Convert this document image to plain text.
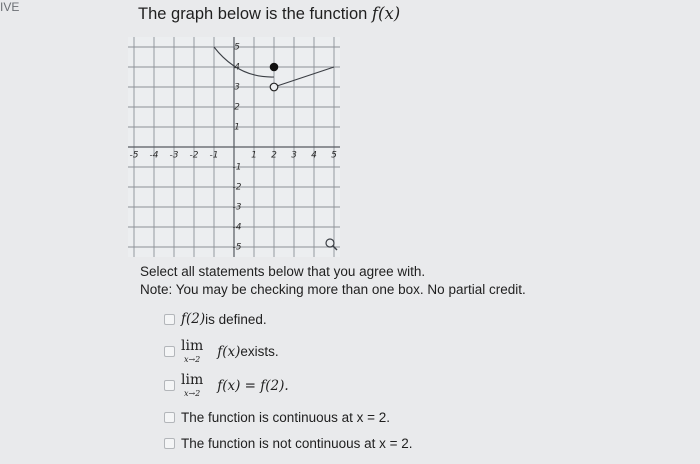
IVE	The graph below is the function f(x)
-5 -4 -3 -2 -1	1 2 3 4 5
5
4
3
2
1
-1
-2
-3
-4
-5
Select all statements below that you agree with.
Note: You may be checking more than one box. No partial credit.
f(2) is defined.
lim
x→2 f(x) exists.
lim
x→2 f(x) = f(2).
The function is continuous at x = 2.
The function is not continuous at x = 2.
